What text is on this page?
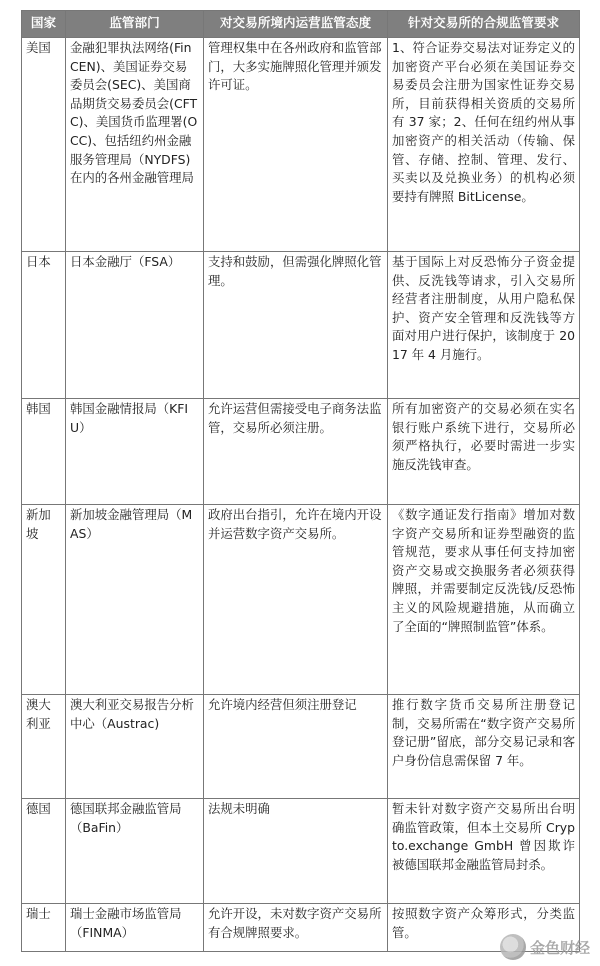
国家	监管部门	对交易所境内运营监管态度	针对交易所的合规监管要求
美国	金融犯罪执法网络(FinCEN)、美国证券交易委员会(SEC)、美国商品期货交易委员会(CFTC)、美国货币监理署(OCC)、包括纽约州金融服务管理局（NYDFS)在内的各州金融管理局	管理权集中在各州政府和监管部门，大多实施牌照化管理并颁发许可证。	1、符合证券交易法对证券定义的加密资产平台必须在美国证券交易委员会注册为国家性证券交易所，目前获得相关资质的交易所有 37 家；2、任何在纽约州从事加密资产的相关活动（传输、保管、存储、控制、管理、发行、买卖以及兑换业务）的机构必须要持有牌照 BitLicense。
日本	日本金融厅（FSA）	支持和鼓励，但需强化牌照化管理。	基于国际上对反恐怖分子资金提供、反洗钱等请求，引入交易所经营者注册制度，从用户隐私保护、资产安全管理和反洗钱等方面对用户进行保护，该制度于 2017 年 4 月施行。
韩国	韩国金融情报局（KFIU）	允许运营但需接受电子商务法监管，交易所必须注册。	所有加密资产的交易必须在实名银行账户系统下进行，交易所必须严格执行，必要时需进一步实施反洗钱审查。
新加坡	新加坡金融管理局（MAS）	政府出台指引，允许在境内开设并运营数字资产交易所。	《数字通证发行指南》增加对数字资产交易所和证券型融资的监管规范，要求从事任何支持加密资产交易或交换服务者必须获得牌照，并需要制定反洗钱/反恐怖主义的风险规避措施，从而确立了全面的“牌照制监管”体系。
澳大利亚	澳大利亚交易报告分析中心（Austrac)	允许境内经营但须注册登记	推行数字货币交易所注册登记制，交易所需在“数字资产交易所登记册”留底，部分交易记录和客户身份信息需保留 7 年。
德国	德国联邦金融监管局（BaFin）	法规未明确	暂未针对数字资产交易所出台明确监管政策，但本土交易所 Crypto.exchange GmbH 曾因欺诈被德国联邦金融监管局封杀。
瑞士	瑞士金融市场监管局（FINMA）	允许开设，未对数字资产交易所有合规牌照要求。	按照数字资产众筹形式，分类监管。
金色财经
